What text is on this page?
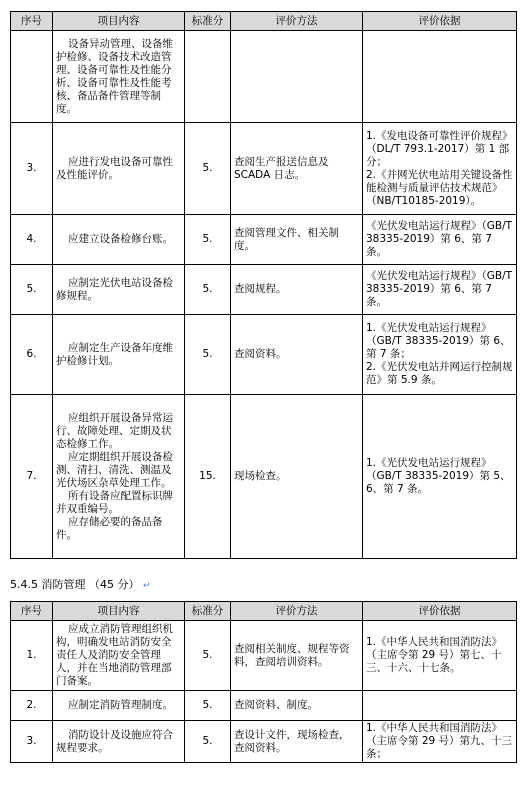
序号	项目内容	标准分	评价方法	评价依据

	设备异动管理、设备维护检修、设备技术改造管理、设备可靠性及性能分析、设备可靠性及性能考核、备品备件管理等制度。			

3.	应进行发电设备可靠性及性能评价。	5.	查阅生产报送信息及 SCADA 日志。	1.《发电设备可靠性评价规程》（DL/T 793.1-2017）第 1 部分；
2.《并网光伏电站用关键设备性能检测与质量评估技术规范》（NB/T10185-2019）。
4.	应建立设备检修台账。	5.	查阅管理文件、相关制度。	《光伏发电站运行规程》（GB/T 38335-2019）第 6、第 7 条。
5.	应制定光伏电站设备检修规程。	5.	查阅规程。	《光伏发电站运行规程》（GB/T 38335-2019）第 6、第 7 条。
6.	应制定生产设备年度维护检修计划。	5.	查阅资料。	1.《光伏发电站运行规程》（GB/T 38335-2019）第 6、第 7 条；
2.《光伏发电站并网运行控制规范》第 5.9 条。
7.	应组织开展设备异常运行、故障处理、定期及状态检修工作。
应定期组织开展设备检测、清扫、清洗、测温及光伏场区杂草处理工作。
所有设备应配置标识牌并双重编号。
应存储必要的备品备件。	15.	现场检查。	1.《光伏发电站运行规程》（GB/T 38335-2019）第 5、6、第 7 条。
5.4.5 消防管理 （45 分） ↵
序号	项目内容	标准分	评价方法	评价依据
1.	应成立消防管理组织机构，明确发电站消防安全责任人及消防安全管理人，并在当地消防管理部门备案。	5.	查阅相关制度、规程等资料，查阅培训资料。	1.《中华人民共和国消防法》（主席令第 29 号）第七、十三、十六、十七条。
2.	应制定消防管理制度。	5.	查阅资料、制度。	
3.	消防设计及设施应符合规程要求。	5.	查设计文件，现场检查，查阅资料。	1.《中华人民共和国消防法》（主席令第 29 号）第九、十三条；
